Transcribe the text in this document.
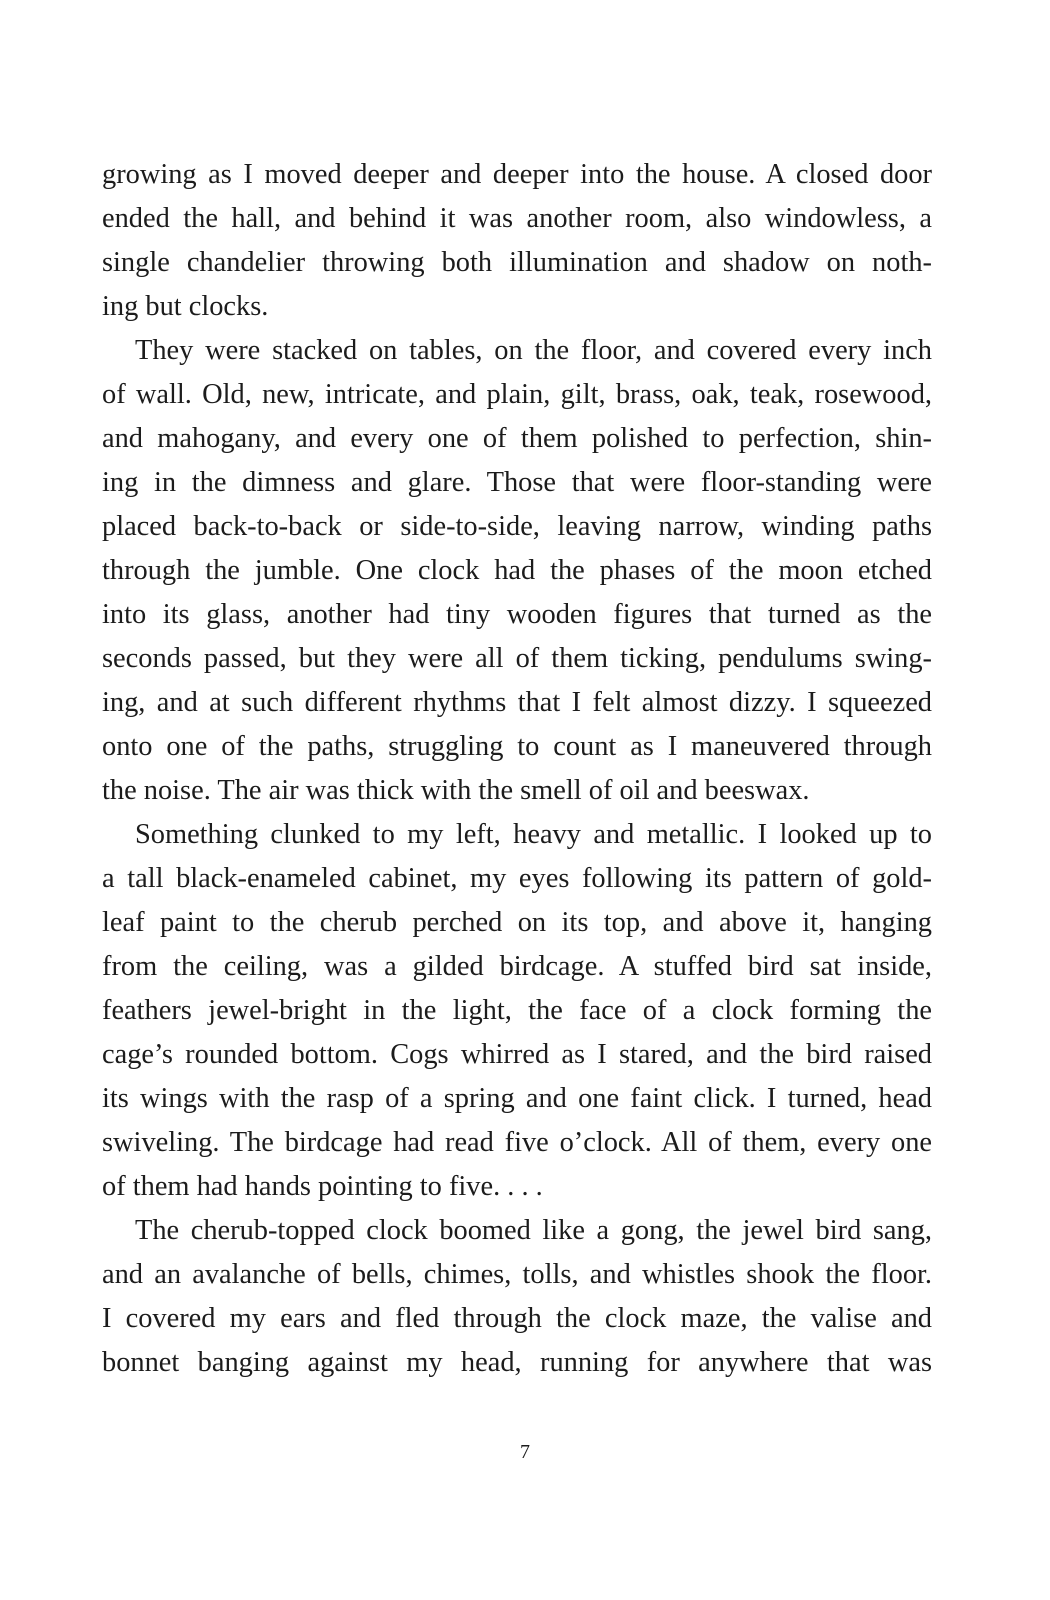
growing as I moved deeper and deeper into the house. A closed door
ended the hall, and behind it was another room, also windowless, a
single chandelier throwing both illumination and shadow on noth-
ing but clocks.
They were stacked on tables, on the floor, and covered every inch
of wall. Old, new, intricate, and plain, gilt, brass, oak, teak, rosewood,
and mahogany, and every one of them polished to perfection, shin-
ing in the dimness and glare. Those that were floor-standing were
placed back-to-back or side-to-side, leaving narrow, winding paths
through the jumble. One clock had the phases of the moon etched
into its glass, another had tiny wooden figures that turned as the
seconds passed, but they were all of them ticking, pendulums swing-
ing, and at such different rhythms that I felt almost dizzy. I squeezed
onto one of the paths, struggling to count as I maneuvered through
the noise. The air was thick with the smell of oil and beeswax.
Something clunked to my left, heavy and metallic. I looked up to
a tall black-enameled cabinet, my eyes following its pattern of gold-
leaf paint to the cherub perched on its top, and above it, hanging
from the ceiling, was a gilded birdcage. A stuffed bird sat inside,
feathers jewel-bright in the light, the face of a clock forming the
cage’s rounded bottom. Cogs whirred as I stared, and the bird raised
its wings with the rasp of a spring and one faint click. I turned, head
swiveling. The birdcage had read five o’clock. All of them, every one
of them had hands pointing to five. . . .
The cherub-topped clock boomed like a gong, the jewel bird sang,
and an avalanche of bells, chimes, tolls, and whistles shook the floor.
I covered my ears and fled through the clock maze, the valise and
bonnet banging against my head, running for anywhere that was
7
